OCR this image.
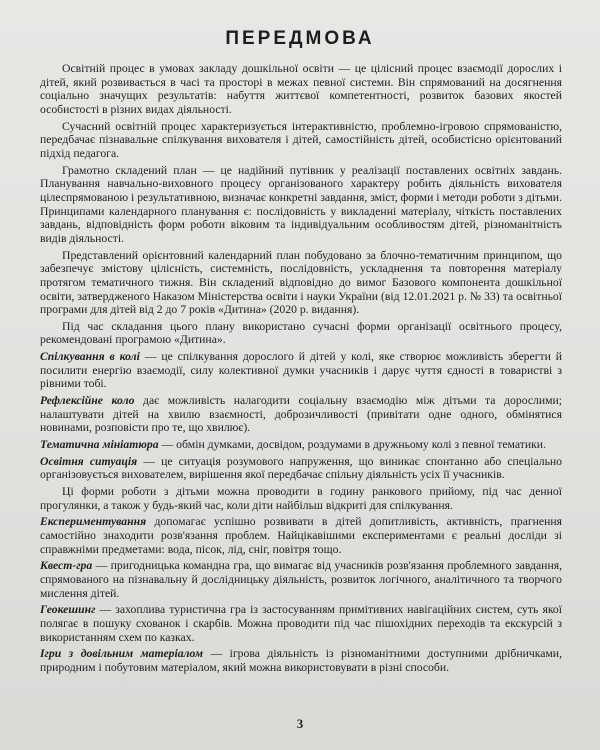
ПЕРЕДМОВА

Освітній процес в умовах закладу дошкільної освіти — це цілісний процес взаємодії дорослих і дітей, який розвивається в часі та просторі в межах певної системи. Він спрямований на досягнення соціально значущих результатів: набуття життєвої компетентності, розвиток базових якостей особистості в різних видах діяльності.

Сучасний освітній процес характеризується інтерактивністю, проблемно-ігровою спрямованістю, передбачає пізнавальне спілкування вихователя і дітей, самостійність дітей, особистісно орієнтований підхід педагога.

Грамотно складений план — це надійний путівник у реалізації поставлених освітніх завдань. Планування навчально-виховного процесу організованого характеру робить діяльність вихователя цілеспрямованою і результативною, визначає конкретні завдання, зміст, форми і методи роботи з дітьми. Принципами календарного планування є: послідовність у викладенні матеріалу, чіткість поставлених завдань, відповідність форм роботи віковим та індивідуальним особливостям дітей, різноманітність видів діяльності.

Представлений орієнтовний календарний план побудовано за блочно-тематичним принципом, що забезпечує змістову цілісність, системність, послідовність, ускладнення та повторення матеріалу протягом тематичного тижня. Він складений відповідно до вимог Базового компонента дошкільної освіти, затвердженого Наказом Міністерства освіти і науки України (від 12.01.2021 р. № 33) та освітньої програми для дітей від 2 до 7 років «Дитина» (2020 р. видання).

Під час складання цього плану використано сучасні форми організації освітнього процесу, рекомендовані програмою «Дитина».

Спілкування в колі — це спілкування дорослого й дітей у колі, яке створює можливість зберегти й посилити енергію взаємодії, силу колективної думки учасників і дарує чуття єдності в товаристві з рівними тобі.

Рефлексійне коло дає можливість налагодити соціальну взаємодію між дітьми та дорослими; налаштувати дітей на хвилю взаємності, доброзичливості (привітати одне одного, обмінятися новинами, розповісти про те, що хвилює).

Тематична мініатюра — обмін думками, досвідом, роздумами в дружньому колі з певної тематики.

Освітня ситуація — це ситуація розумового напруження, що виникає спонтанно або спеціально організовується вихователем, вирішення якої передбачає спільну діяльність усіх її учасників.

Ці форми роботи з дітьми можна проводити в годину ранкового прийому, під час денної прогулянки, а також у будь-який час, коли діти найбільш відкриті для спілкування.

Експериментування допомагає успішно розвивати в дітей допитливість, активність, прагнення самостійно знаходити розв'язання проблем. Найцікавішими експериментами є реальні досліди зі справжніми предметами: вода, пісок, лід, сніг, повітря тощо.

Квест-гра — пригодницька командна гра, що вимагає від учасників розв'язання проблемного завдання, спрямованого на пізнавальну й дослідницьку діяльність, розвиток логічного, аналітичного та творчого мислення дітей.

Геокешинг — захоплива туристична гра із застосуванням примітивних навігаційних систем, суть якої полягає в пошуку схованок і скарбів. Можна проводити під час пішохідних переходів та екскурсій з використанням схем по казках.

Ігри з довільним матеріалом — ігрова діяльність із різноманітними доступними дрібничками, природним і побутовим матеріалом, який можна використовувати в різні способи.

3
